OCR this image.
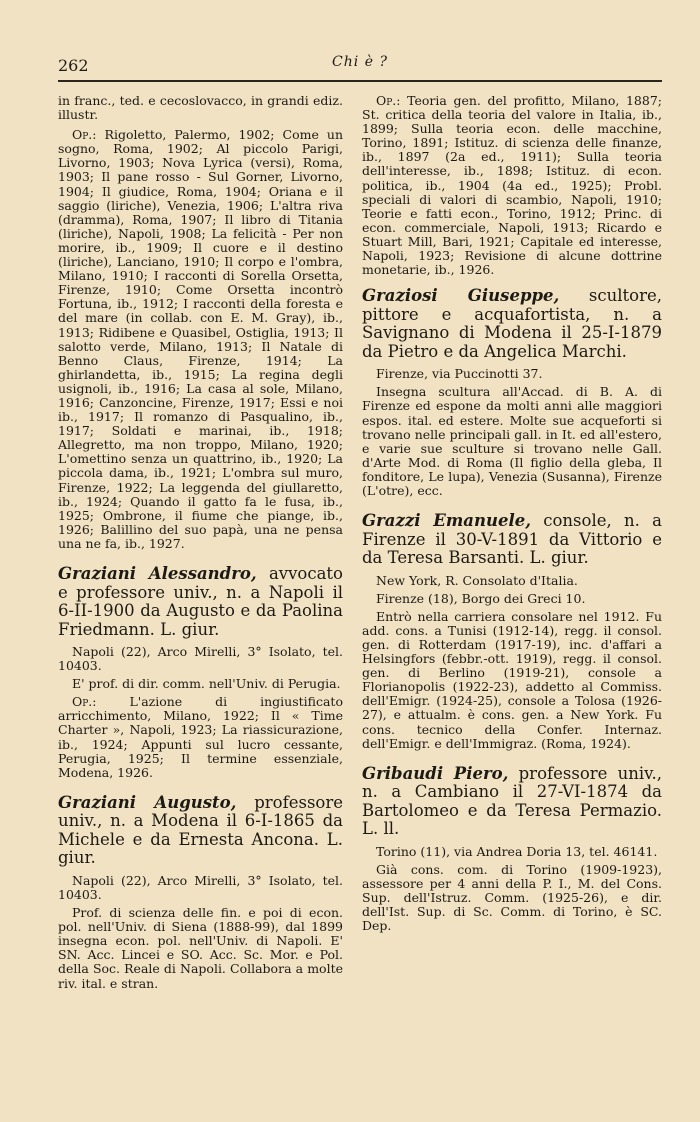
262	Chi è ?

in franc., ted. e cecoslovacco, in grandi ediz. illustr.

Op.: Rigoletto, Palermo, 1902; Come un sogno, Roma, 1902; Al piccolo Parigi, Livorno, 1903; Nova Lyrica (versi), Roma, 1903; Il pane rosso - Sul Gorner, Livorno, 1904; Il giudice, Roma, 1904; Oriana e il saggio (liriche), Venezia, 1906; L'altra riva (dramma), Roma, 1907; Il libro di Titania (liriche), Napoli, 1908; La felicità - Per non morire, ib., 1909; Il cuore e il destino (liriche), Lanciano, 1910; Il corpo e l'ombra, Milano, 1910; I racconti di Sorella Orsetta, Firenze, 1910; Come Orsetta incontrò Fortuna, ib., 1912; I racconti della foresta e del mare (in collab. con E. M. Gray), ib., 1913; Ridibene e Quasibel, Ostiglia, 1913; Il salotto verde, Milano, 1913; Il Natale di Benno Claus, Firenze, 1914; La ghirlandetta, ib., 1915; La regina degli usignoli, ib., 1916; La casa al sole, Milano, 1916; Canzoncine, Firenze, 1917; Essi e noi ib., 1917; Il romanzo di Pasqualino, ib., 1917; Soldati e marinai, ib., 1918; Allegretto, ma non troppo, Milano, 1920; L'omettino senza un quattrino, ib., 1920; La piccola dama, ib., 1921; L'ombra sul muro, Firenze, 1922; La leggenda del giullaretto, ib., 1924; Quando il gatto fa le fusa, ib., 1925; Ombrone, il fiume che piange, ib., 1926; Balillino del suo papà, una ne pensa una ne fa, ib., 1927.

Graziani Alessandro, avvocato e professore univ., n. a Napoli il 6-II-1900 da Augusto e da Paolina Friedmann. L. giur.

Napoli (22), Arco Mirelli, 3° Isolato, tel. 10403.

E' prof. di dir. comm. nell'Univ. di Perugia.

Op.:	L'azione di ingiustificato arricchimento, Milano, 1922; Il « Time Charter », Napoli, 1923; La riassicurazione, ib., 1924; Appunti sul lucro cessante, Perugia, 1925; Il termine essenziale, Modena, 1926.

Graziani Augusto, professore univ., n. a Modena il 6-I-1865 da Michele e da Ernesta Ancona. L. giur.

Napoli (22), Arco Mirelli, 3° Isolato, tel. 10403.

Prof. di scienza delle fin. e poi di econ. pol. nell'Univ. di Siena (1888-99), dal 1899 insegna econ. pol. nell'Univ. di Napoli. E' SN. Acc. Lincei e SO. Acc. Sc. Mor. e Pol. della Soc. Reale di Napoli. Collabora a molte riv. ital. e stran.

Op.: Teoria gen. del profitto, Milano, 1887; St. critica della teoria del valore in Italia, ib., 1899; Sulla teoria econ. delle macchine, Torino, 1891; Istituz. di scienza delle finanze, ib., 1897 (2a ed., 1911); Sulla teoria dell'interesse, ib., 1898; Istituz. di econ. politica, ib., 1904 (4a ed., 1925); Probl. speciali di valori di scambio, Napoli, 1910; Teorie e fatti econ., Torino, 1912; Princ. di econ. commerciale, Napoli, 1913; Ricardo e Stuart Mill, Bari, 1921; Capitale ed interesse, Napoli, 1923; Revisione di alcune dottrine monetarie, ib., 1926.

Graziosi Giuseppe, scultore, pittore e acquafortista, n. a Savignano di Modena il 25-I-1879 da Pietro e da Angelica Marchi.

Firenze, via Puccinotti 37.

Insegna scultura all'Accad. di B. A. di Firenze ed espone da molti anni alle maggiori espos. ital. ed estere. Molte sue acqueforti si trovano nelle principali gall. in It. ed all'estero, e varie sue sculture si trovano nelle Gall. d'Arte Mod. di Roma (Il figlio della gleba, Il fonditore, Le lupa), Venezia (Susanna), Firenze (L'otre), ecc.

Grazzi Emanuele, console, n. a Firenze il 30-V-1891 da Vittorio e da Teresa Barsanti. L. giur.

New York, R. Consolato d'Italia.

Firenze (18), Borgo dei Greci 10.

Entrò nella carriera consolare nel 1912. Fu add. cons. a Tunisi (1912-14), regg. il consol. gen. di Rotterdam (1917-19), inc. d'affari a Helsingfors (febbr.-ott. 1919), regg. il consol. gen. di Berlino (1919-21), console a Florianopolis (1922-23), addetto al Commiss. dell'Emigr. (1924-25), console a Tolosa (1926-27), e attualm. è cons. gen. a New York. Fu cons. tecnico della Confer. Internaz. dell'Emigr. e dell'Immigraz. (Roma, 1924).

Gribaudi Piero, professore univ., n. a Cambiano il 27-VI-1874 da Bartolomeo e da Teresa Permazio. L. ll.

Torino (11), via Andrea Doria 13, tel. 46141.

Già cons. com. di Torino (1909-1923), assessore per 4 anni della P. I., M. del Cons. Sup. dell'Istruz. Comm. (1925-26), e dir. dell'Ist. Sup. di Sc. Comm. di Torino, è SC. Dep.
